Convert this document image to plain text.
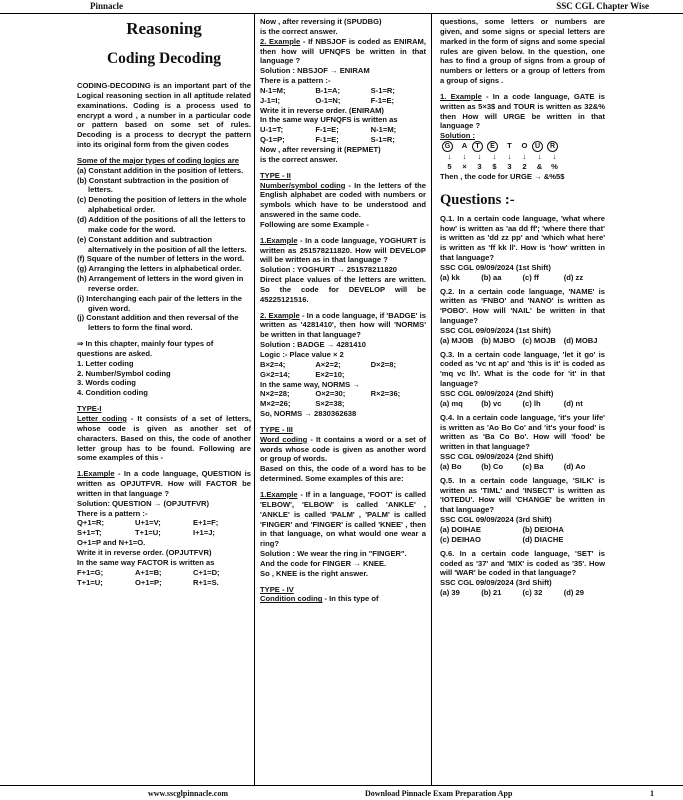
Pinnacle	SSC CGL Chapter Wise
Reasoning
Coding Decoding
CODING-DECODING is an important part of the Logical reasoning section in all aptitude related examinations. Coding is a process used to encrypt a word , a number in a particular code or pattern based on some set of rules. Decoding is a process to decrypt the pattern into its original form from the given codes
Some of the major types of coding logics are
(a) Constant addition in the position of letters.
(b) Constant subtraction in the position of letters.
(c) Denoting the position of letters in the whole alphabetical order.
(d) Addition of the positions of all the letters to make code for the word.
(e) Constant addition and subtraction alternatively in the position of all the letters.
(f) Square of the number of letters in the word.
(g) Arranging the letters in alphabetical order.
(h) Arrangement of letters in the word given in reverse order.
(i) Interchanging each pair of the letters in the given word.
(j) Constant addition and then reversal of the letters to form the final word.
⇒ In this chapter, mainly four types of questions are asked.
1. Letter coding
2. Number/Symbol coding
3. Words coding
4. Condition coding
TYPE-I
Letter coding - It consists of a set of letters, whose code is given as another set of characters. Based on this, the code of another letter group has to be found. Following are some examples of this -
1.Example - In a code language, QUESTION is written as OPJUTFVR. How will FACTOR be written in that language ?
Solution: QUESTION → (OPJUTFVR)
There is a pattern :-
Q+1=R;	U+1=V;	E+1=F;
S+1=T;	T+1=U;	I+1=J;
O+1=P and N+1=O.
Write it in reverse order. (OPJUTFVR)
In the same way FACTOR is written as
F+1=G;	A+1=B;	C+1=D;
T+1=U;	O+1=P;	R+1=S.
Now , after reversing it (SPUDBG)
is the correct answer.
2. Example - If NBSJOF is coded as ENIRAM, then how will UFNQFS be written in that language ?
Solution : NBSJOF → ENIRAM
There is a pattern :-
N-1=M;	B-1=A;	S-1=R;
J-1=I;	O-1=N;	F-1=E;
Write it in reverse order. (ENIRAM)
In the same way UFNQFS is written as
U-1=T;	F-1=E;	N-1=M;
Q-1=P;	F-1=E;	S-1=R;
Now , after reversing it (REPMET)
is the correct answer.
TYPE - II
Number/symbol coding - In the letters of the English alphabet are coded with numbers or symbols which have to be understood and answered in the same code.
Following are some Example -
1.Example - In a code language, YOGHURT is written as 251578211820. How will DEVELOP will be written as in that language ?
Solution : YOGHURT → 251578211820
Direct place values of the letters are written. So the code for DEVELOP will be 45225121516.
2. Example - In a code language, if 'BADGE' is written as '4281410', then how will 'NORMS' be written in that language?
Solution : BADGE → 4281410
Logic :- Place value × 2
B×2=4;	A×2=2;	D×2=8;
G×2=14;	E×2=10;
In the same way, NORMS →
N×2=28;	O×2=30;	R×2=36;
M×2=26;	S×2=38;
So, NORMS → 2830362638
TYPE - III
Word coding - It contains a word or a set of words whose code is given as another word or group of words.
Based on this, the code of a word has to be determined. Some examples of this are:
1.Example - If in a language, 'FOOT' is called 'ELBOW', 'ELBOW' is called 'ANKLE' , 'ANKLE' is called 'PALM' , 'PALM' is called 'FINGER' and 'FINGER' is called 'KNEE' , then in that language, on what would one wear a ring?
Solution : We wear the ring in "FINGER".
And the code for FINGER → KNEE.
So , KNEE is the right answer.
TYPE - IV
Condition coding - In this type of
questions, some letters or numbers are given, and some signs or special letters are marked in the form of signs and some special rules are given below. In the question, one has to find a group of signs from a group of numbers or letters or a group of letters from a group of signs .
1. Example - In a code language, GATE is written as 5×3$ and TOUR is written as 32&% then How will URGE be written in that language ?
Solution :
G	A	T	E	T	O	U	R
↓	↓	↓	↓	↓	↓	↓	↓
5	×	3	$	3	2	&	%
Then , the code for URGE → &%5$
Questions :-
Q.1. In a certain code language, 'what where how' is written as 'aa dd ff'; 'where there that' is written as 'dd zz pp' and 'which what here' is written as 'ff kk ll'. How is 'how' written in that language?
SSC CGL 09/09/2024 (1st Shift)
(a) kk	(b) aa	(c) ff	(d) zz
Q.2. In a certain code language, 'NAME' is written as 'FNBO' and 'NANO' is written as 'POBO'. How will 'NAIL' be written in that language?
SSC CGL 09/09/2024 (1st Shift)
(a) MJOB	(b) MJBO (c) MOJB	(d) MOBJ
Q.3. In a certain code language, 'let it go' is coded as 'vc nt ap' and 'this is it' is coded as 'mq vc lh'. What is the code for 'it' in that language?
SSC CGL 09/09/2024 (2nd Shift)
(a) mq	(b) vc	(c) lh	(d) nt
Q.4. In a certain code language, 'it's your life' is written as 'Ao Bo Co' and 'it's your food' is written as 'Ba Co Bo'. How will 'food' be written in that language?
SSC CGL 09/09/2024 (2nd Shift)
(a) Bo	(b) Co	(c) Ba	(d) Ao
Q.5. In a certain code language, 'SILK' is written as 'TIML' and 'INSECT' is written as 'IOTEDU'. How will 'CHANGE' be written in that language?
SSC CGL 09/09/2024 (3rd Shift)
(a) DOIHAE	(b) DEIOHA
(c) DEIHAO	(d) DIACHE
Q.6. In a certain code language, 'SET' is coded as '37' and 'MIX' is coded as '35'. How will 'WAR' be coded in that language?
SSC CGL 09/09/2024 (3rd Shift)
(a) 39	(b) 21	(c) 32	(d) 29
www.sscglpinnacle.com	Download Pinnacle Exam Preparation App	1
